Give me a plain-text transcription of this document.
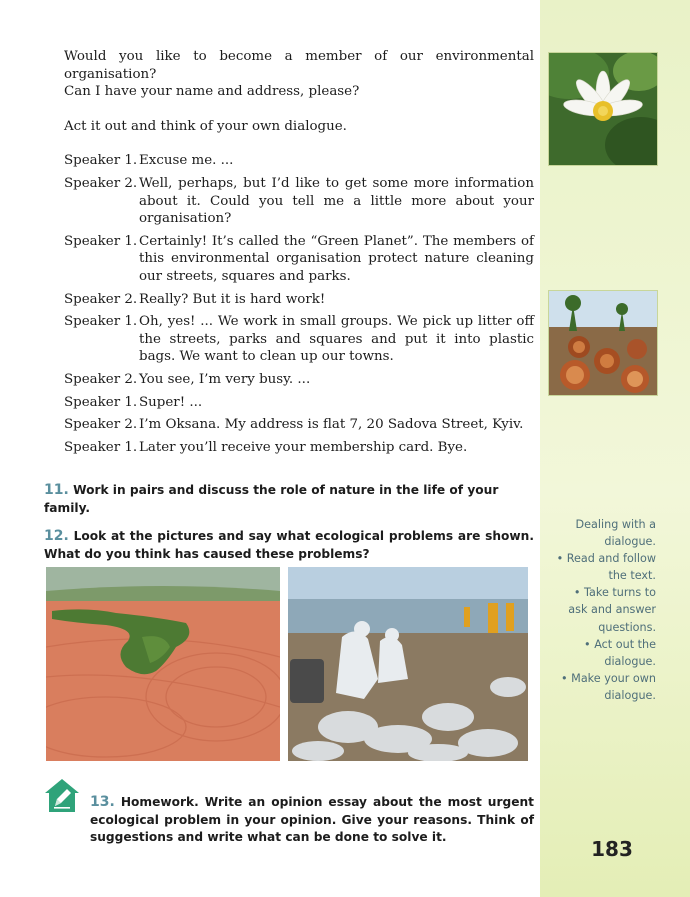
Would you like to become a member of our environmental organisation?

Can I have your name and address, please?

Act it out and think of your own dialogue.

Speaker 1. Excuse me. ...
Speaker 2. Well, perhaps, but I’d like to get some more information about it. Could you tell me a little more about your organisation?
Speaker 1. Certainly! It’s called the “Green Planet”. The members of this environmental organisation protect nature cleaning our streets, squares and parks.
Speaker 2. Really? But it is hard work!
Speaker 1. Oh, yes! ... We work in small groups. We pick up litter off the streets, parks and squares and put it into plastic bags. We want to clean up our towns.
Speaker 2. You see, I’m very busy. ...
Speaker 1. Super! ...
Speaker 2. I’m Oksana. My address is flat 7, 20 Sadova Street, Kyiv.
Speaker 1. Later you’ll receive your membership card. Bye.

11. Work in pairs and discuss the role of nature in the life of your family.

12. Look at the pictures and say what ecological problems are shown. What do you think has caused these problems?

Dealing with a dialogue.
• Read and follow the text.
• Take turns to ask and answer questions.
• Act out the dialogue.
• Make your own dialogue.

13. Homework. Write an opinion essay about the most urgent ecological problem in your opinion. Give your reasons. Think of suggestions and write what can be done to solve it.	183
